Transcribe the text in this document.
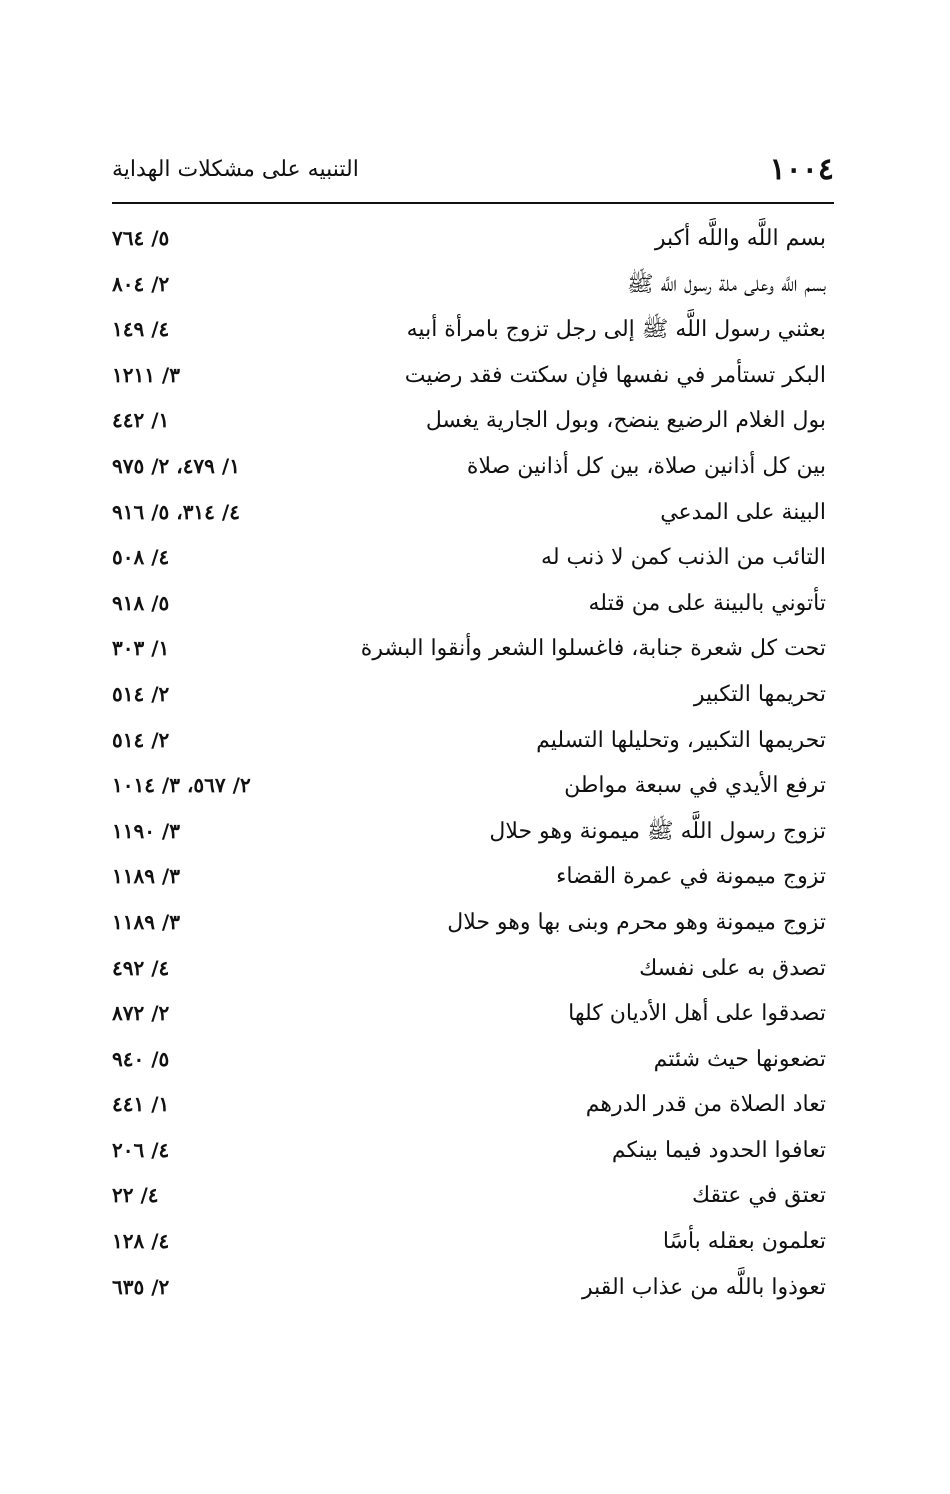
١٠٠٤
التنبيه على مشكلات الهداية
بسم اللَّه واللَّه أكبر
٥/ ٧٦٤
بسم اللَّه وعلى ملة رسول اللَّه ﷺ
٢/ ٨٠٤
بعثني رسول اللَّه ﷺ إلى رجل تزوج بامرأة أبيه
٤/ ١٤٩
البكر تستأمر في نفسها فإن سكتت فقد رضيت
٣/ ١٢١١
بول الغلام الرضيع ينضح، وبول الجارية يغسل
١/ ٤٤٢
بين كل أذانين صلاة، بين كل أذانين صلاة
١/ ٤٧٩، ٢/ ٩٧٥
البينة على المدعي
٤/ ٣١٤، ٥/ ٩١٦
التائب من الذنب كمن لا ذنب له
٤/ ٥٠٨
تأتوني بالبينة على من قتله
٥/ ٩١٨
تحت كل شعرة جنابة، فاغسلوا الشعر وأنقوا البشرة
١/ ٣٠٣
تحريمها التكبير
٢/ ٥١٤
تحريمها التكبير، وتحليلها التسليم
٢/ ٥١٤
ترفع الأيدي في سبعة مواطن
٢/ ٥٦٧، ٣/ ١٠١٤
تزوج رسول اللَّه ﷺ ميمونة وهو حلال
٣/ ١١٩٠
تزوج ميمونة في عمرة القضاء
٣/ ١١٨٩
تزوج ميمونة وهو محرم وبنى بها وهو حلال
٣/ ١١٨٩
تصدق به على نفسك
٤/ ٤٩٢
تصدقوا على أهل الأديان كلها
٢/ ٨٧٢
تضعونها حيث شئتم
٥/ ٩٤٠
تعاد الصلاة من قدر الدرهم
١/ ٤٤١
تعافوا الحدود فيما بينكم
٤/ ٢٠٦
تعتق في عتقك
٤/ ٢٢
تعلمون بعقله بأسًا
٤/ ١٢٨
تعوذوا باللَّه من عذاب القبر
٢/ ٦٣٥
